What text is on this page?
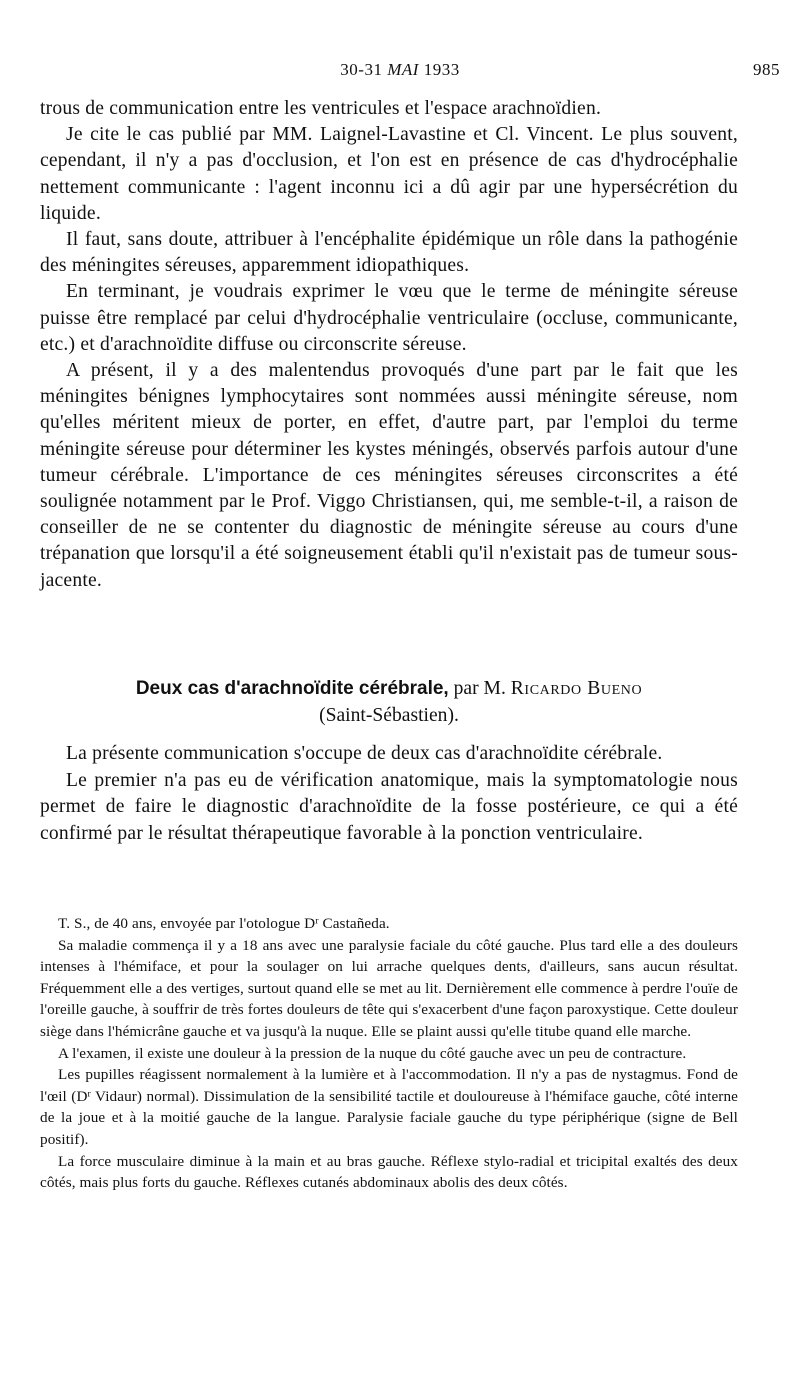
30-31 MAI 1933	985

trous de communication entre les ventricules et l'espace arachnoïdien.

Je cite le cas publié par MM. Laignel-Lavastine et Cl. Vincent. Le plus souvent, cependant, il n'y a pas d'occlusion, et l'on est en présence de cas d'hydrocéphalie nettement communicante : l'agent inconnu ici a dû agir par une hypersécrétion du liquide.

Il faut, sans doute, attribuer à l'encéphalite épidémique un rôle dans la pathogénie des méningites séreuses, apparemment idiopathiques.

En terminant, je voudrais exprimer le vœu que le terme de méningite séreuse puisse être remplacé par celui d'hydrocéphalie ventriculaire (occluse, communicante, etc.) et d'arachnoïdite diffuse ou circonscrite séreuse.

A présent, il y a des malentendus provoqués d'une part par le fait que les méningites bénignes lymphocytaires sont nommées aussi méningite séreuse, nom qu'elles méritent mieux de porter, en effet, d'autre part, par l'emploi du terme méningite séreuse pour déterminer les kystes méningés, observés parfois autour d'une tumeur cérébrale. L'importance de ces méningites séreuses circonscrites a été soulignée notamment par le Prof. Viggo Christiansen, qui, me semble-t-il, a raison de conseiller de ne se contenter du diagnostic de méningite séreuse au cours d'une trépanation que lorsqu'il a été soigneusement établi qu'il n'existait pas de tumeur sous-jacente.

Deux cas d'arachnoïdite cérébrale, par M. Ricardo Bueno
(Saint-Sébastien).

La présente communication s'occupe de deux cas d'arachnoïdite cérébrale.

Le premier n'a pas eu de vérification anatomique, mais la symptomatologie nous permet de faire le diagnostic d'arachnoïdite de la fosse postérieure, ce qui a été confirmé par le résultat thérapeutique favorable à la ponction ventriculaire.

T. S., de 40 ans, envoyée par l'otologue $D^r$ Castañeda.

Sa maladie commença il y a 18 ans avec une paralysie faciale du côté gauche. Plus tard elle a des douleurs intenses à l'hémiface, et pour la soulager on lui arrache quelques dents, d'ailleurs, sans aucun résultat. Fréquemment elle a des vertiges, surtout quand elle se met au lit. Dernièrement elle commence à perdre l'ouïe de l'oreille gauche, à souffrir de très fortes douleurs de tête qui s'exacerbent d'une façon paroxystique. Cette douleur siège dans l'hémicrâne gauche et va jusqu'à la nuque. Elle se plaint aussi qu'elle titube quand elle marche.

A l'examen, il existe une douleur à la pression de la nuque du côté gauche avec un peu de contracture.

Les pupilles réagissent normalement à la lumière et à l'accommodation. Il n'y a pas de nystagmus. Fond de l'œil ($D^r$ Vidaur) normal). Dissimulation de la sensibilité tactile et douloureuse à l'hémiface gauche, côté interne de la joue et à la moitié gauche de la langue. Paralysie faciale gauche du type périphérique (signe de Bell positif).

La force musculaire diminue à la main et au bras gauche. Réflexe stylo-radial et tricipital exaltés des deux côtés, mais plus forts du gauche. Réflexes cutanés abdominaux abolis des deux côtés.
